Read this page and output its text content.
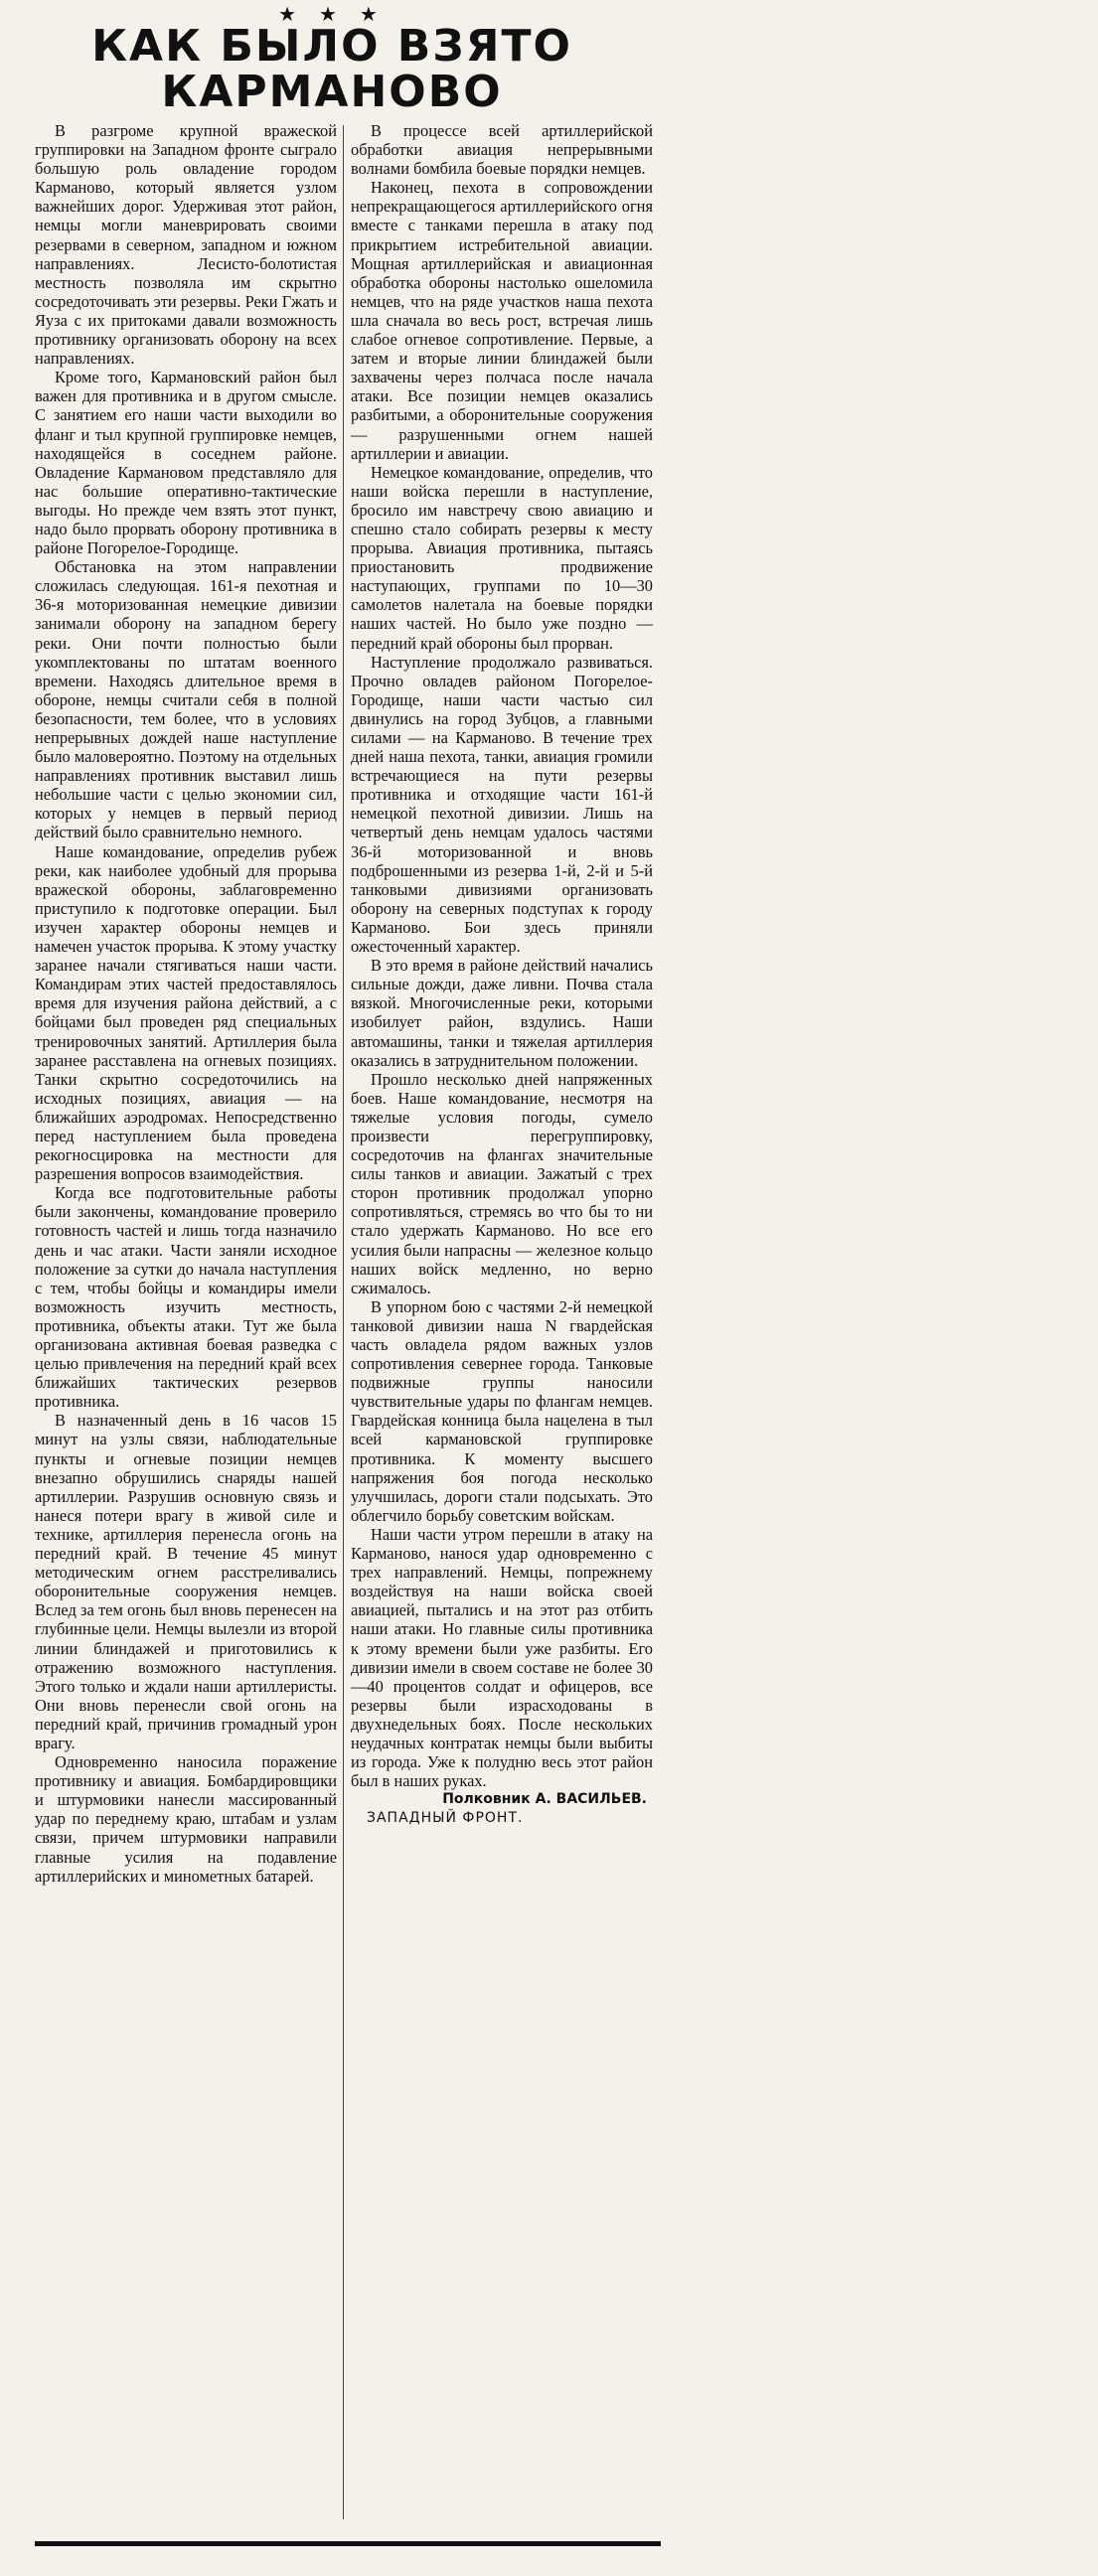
★ ★ ★
КАК БЫЛО ВЗЯТО
КАРМАНОВО

В разгроме крупной вражеской группировки на Западном фронте сыграло большую роль овладение городом Карманово, который является узлом важнейших дорог. Удерживая этот район, немцы могли маневрировать своими резервами в северном, западном и южном направлениях. Лесисто-болотистая местность позволяла им скрытно сосредоточивать эти резервы. Реки Гжать и Яуза с их притоками давали возможность противнику организовать оборону на всех направлениях.

Кроме того, Кармановский район был важен для противника и в другом смысле. С занятием его наши части выходили во фланг и тыл крупной группировке немцев, находящейся в соседнем районе. Овладение Кармановом представляло для нас большие оперативно-тактические выгоды. Но прежде чем взять этот пункт, надо было прорвать оборону противника в районе Погорелое-Городище.

Обстановка на этом направлении сложилась следующая. 161-я пехотная и 36-я моторизованная немецкие дивизии занимали оборону на западном берегу реки. Они почти полностью были укомплектованы по штатам военного времени. Находясь длительное время в обороне, немцы считали себя в полной безопасности, тем более, что в условиях непрерывных дождей наше наступление было маловероятно. Поэтому на отдельных направлениях противник выставил лишь небольшие части с целью экономии сил, которых у немцев в первый период действий было сравнительно немного.

Наше командование, определив рубеж реки, как наиболее удобный для прорыва вражеской обороны, заблаговременно приступило к подготовке операции. Был изучен характер обороны немцев и намечен участок прорыва. К этому участку заранее начали стягиваться наши части. Командирам этих частей предоставлялось время для изучения района действий, а с бойцами был проведен ряд специальных тренировочных занятий. Артиллерия была заранее расставлена на огневых позициях. Танки скрытно сосредоточились на исходных позициях, авиация — на ближайших аэродромах. Непосредственно перед наступлением была проведена рекогносцировка на местности для разрешения вопросов взаимодействия.

Когда все подготовительные работы были закончены, командование проверило готовность частей и лишь тогда назначило день и час атаки. Части заняли исходное положение за сутки до начала наступления с тем, чтобы бойцы и командиры имели возможность изучить местность, противника, объекты атаки. Тут же была организована активная боевая разведка с целью привлечения на передний край всех ближайших тактических резервов противника.

В назначенный день в 16 часов 15 минут на узлы связи, наблюдательные пункты и огневые позиции немцев внезапно обрушились снаряды нашей артиллерии. Разрушив основную связь и нанеся потери врагу в живой силе и технике, артиллерия перенесла огонь на передний край. В течение 45 минут методическим огнем расстреливались оборонительные сооружения немцев. Вслед за тем огонь был вновь перенесен на глубинные цели. Немцы вылезли из второй линии блиндажей и приготовились к отражению возможного наступления. Этого только и ждали наши артиллеристы. Они вновь перенесли свой огонь на передний край, причинив громадный урон врагу.

Одновременно наносила поражение противнику и авиация. Бомбардировщики и штурмовики нанесли массированный удар по переднему краю, штабам и узлам связи, причем штурмовики направили главные усилия на подавление артиллерийских и минометных батарей.

В процессе всей артиллерийской обработки авиация непрерывными волнами бомбила боевые порядки немцев.

Наконец, пехота в сопровождении непрекращающегося артиллерийского огня вместе с танками перешла в атаку под прикрытием истребительной авиации. Мощная артиллерийская и авиационная обработка обороны настолько ошеломила немцев, что на ряде участков наша пехота шла сначала во весь рост, встречая лишь слабое огневое сопротивление. Первые, а затем и вторые линии блиндажей были захвачены через полчаса после начала атаки. Все позиции немцев оказались разбитыми, а оборонительные сооружения — разрушенными огнем нашей артиллерии и авиации.

Немецкое командование, определив, что наши войска перешли в наступление, бросило им навстречу свою авиацию и спешно стало собирать резервы к месту прорыва. Авиация противника, пытаясь приостановить продвижение наступающих, группами по 10—30 самолетов налетала на боевые порядки наших частей. Но было уже поздно — передний край обороны был прорван.

Наступление продолжало развиваться. Прочно овладев районом Погорелое-Городище, наши части частью сил двинулись на город Зубцов, а главными силами — на Карманово. В течение трех дней наша пехота, танки, авиация громили встречающиеся на пути резервы противника и отходящие части 161-й немецкой пехотной дивизии. Лишь на четвертый день немцам удалось частями 36-й моторизованной и вновь подброшенными из резерва 1-й, 2-й и 5-й танковыми дивизиями организовать оборону на северных подступах к городу Карманово. Бои здесь приняли ожесточенный характер.

В это время в районе действий начались сильные дожди, даже ливни. Почва стала вязкой. Многочисленные реки, которыми изобилует район, вздулись. Наши автомашины, танки и тяжелая артиллерия оказались в затруднительном положении.

Прошло несколько дней напряженных боев. Наше командование, несмотря на тяжелые условия погоды, сумело произвести перегруппировку, сосредоточив на флангах значительные силы танков и авиации. Зажатый с трех сторон противник продолжал упорно сопротивляться, стремясь во что бы то ни стало удержать Карманово. Но все его усилия были напрасны — железное кольцо наших войск медленно, но верно сжималось.

В упорном бою с частями 2-й немецкой танковой дивизии наша N гвардейская часть овладела рядом важных узлов сопротивления севернее города. Танковые подвижные группы наносили чувствительные удары по флангам немцев. Гвардейская конница была нацелена в тыл всей кармановской группировке противника. К моменту высшего напряжения боя погода несколько улучшилась, дороги стали подсыхать. Это облегчило борьбу советским войскам.

Наши части утром перешли в атаку на Карманово, нанося удар одновременно с трех направлений. Немцы, попрежнему воздействуя на наши войска своей авиацией, пытались и на этот раз отбить наши атаки. Но главные силы противника к этому времени были уже разбиты. Его дивизии имели в своем составе не более 30—40 процентов солдат и офицеров, все резервы были израсходованы в двухнедельных боях. После нескольких неудачных контратак немцы были выбиты из города. Уже к полудню весь этот район был в наших руках.

Полковник А. ВАСИЛЬЕВ.
ЗАПАДНЫЙ ФРОНТ.
